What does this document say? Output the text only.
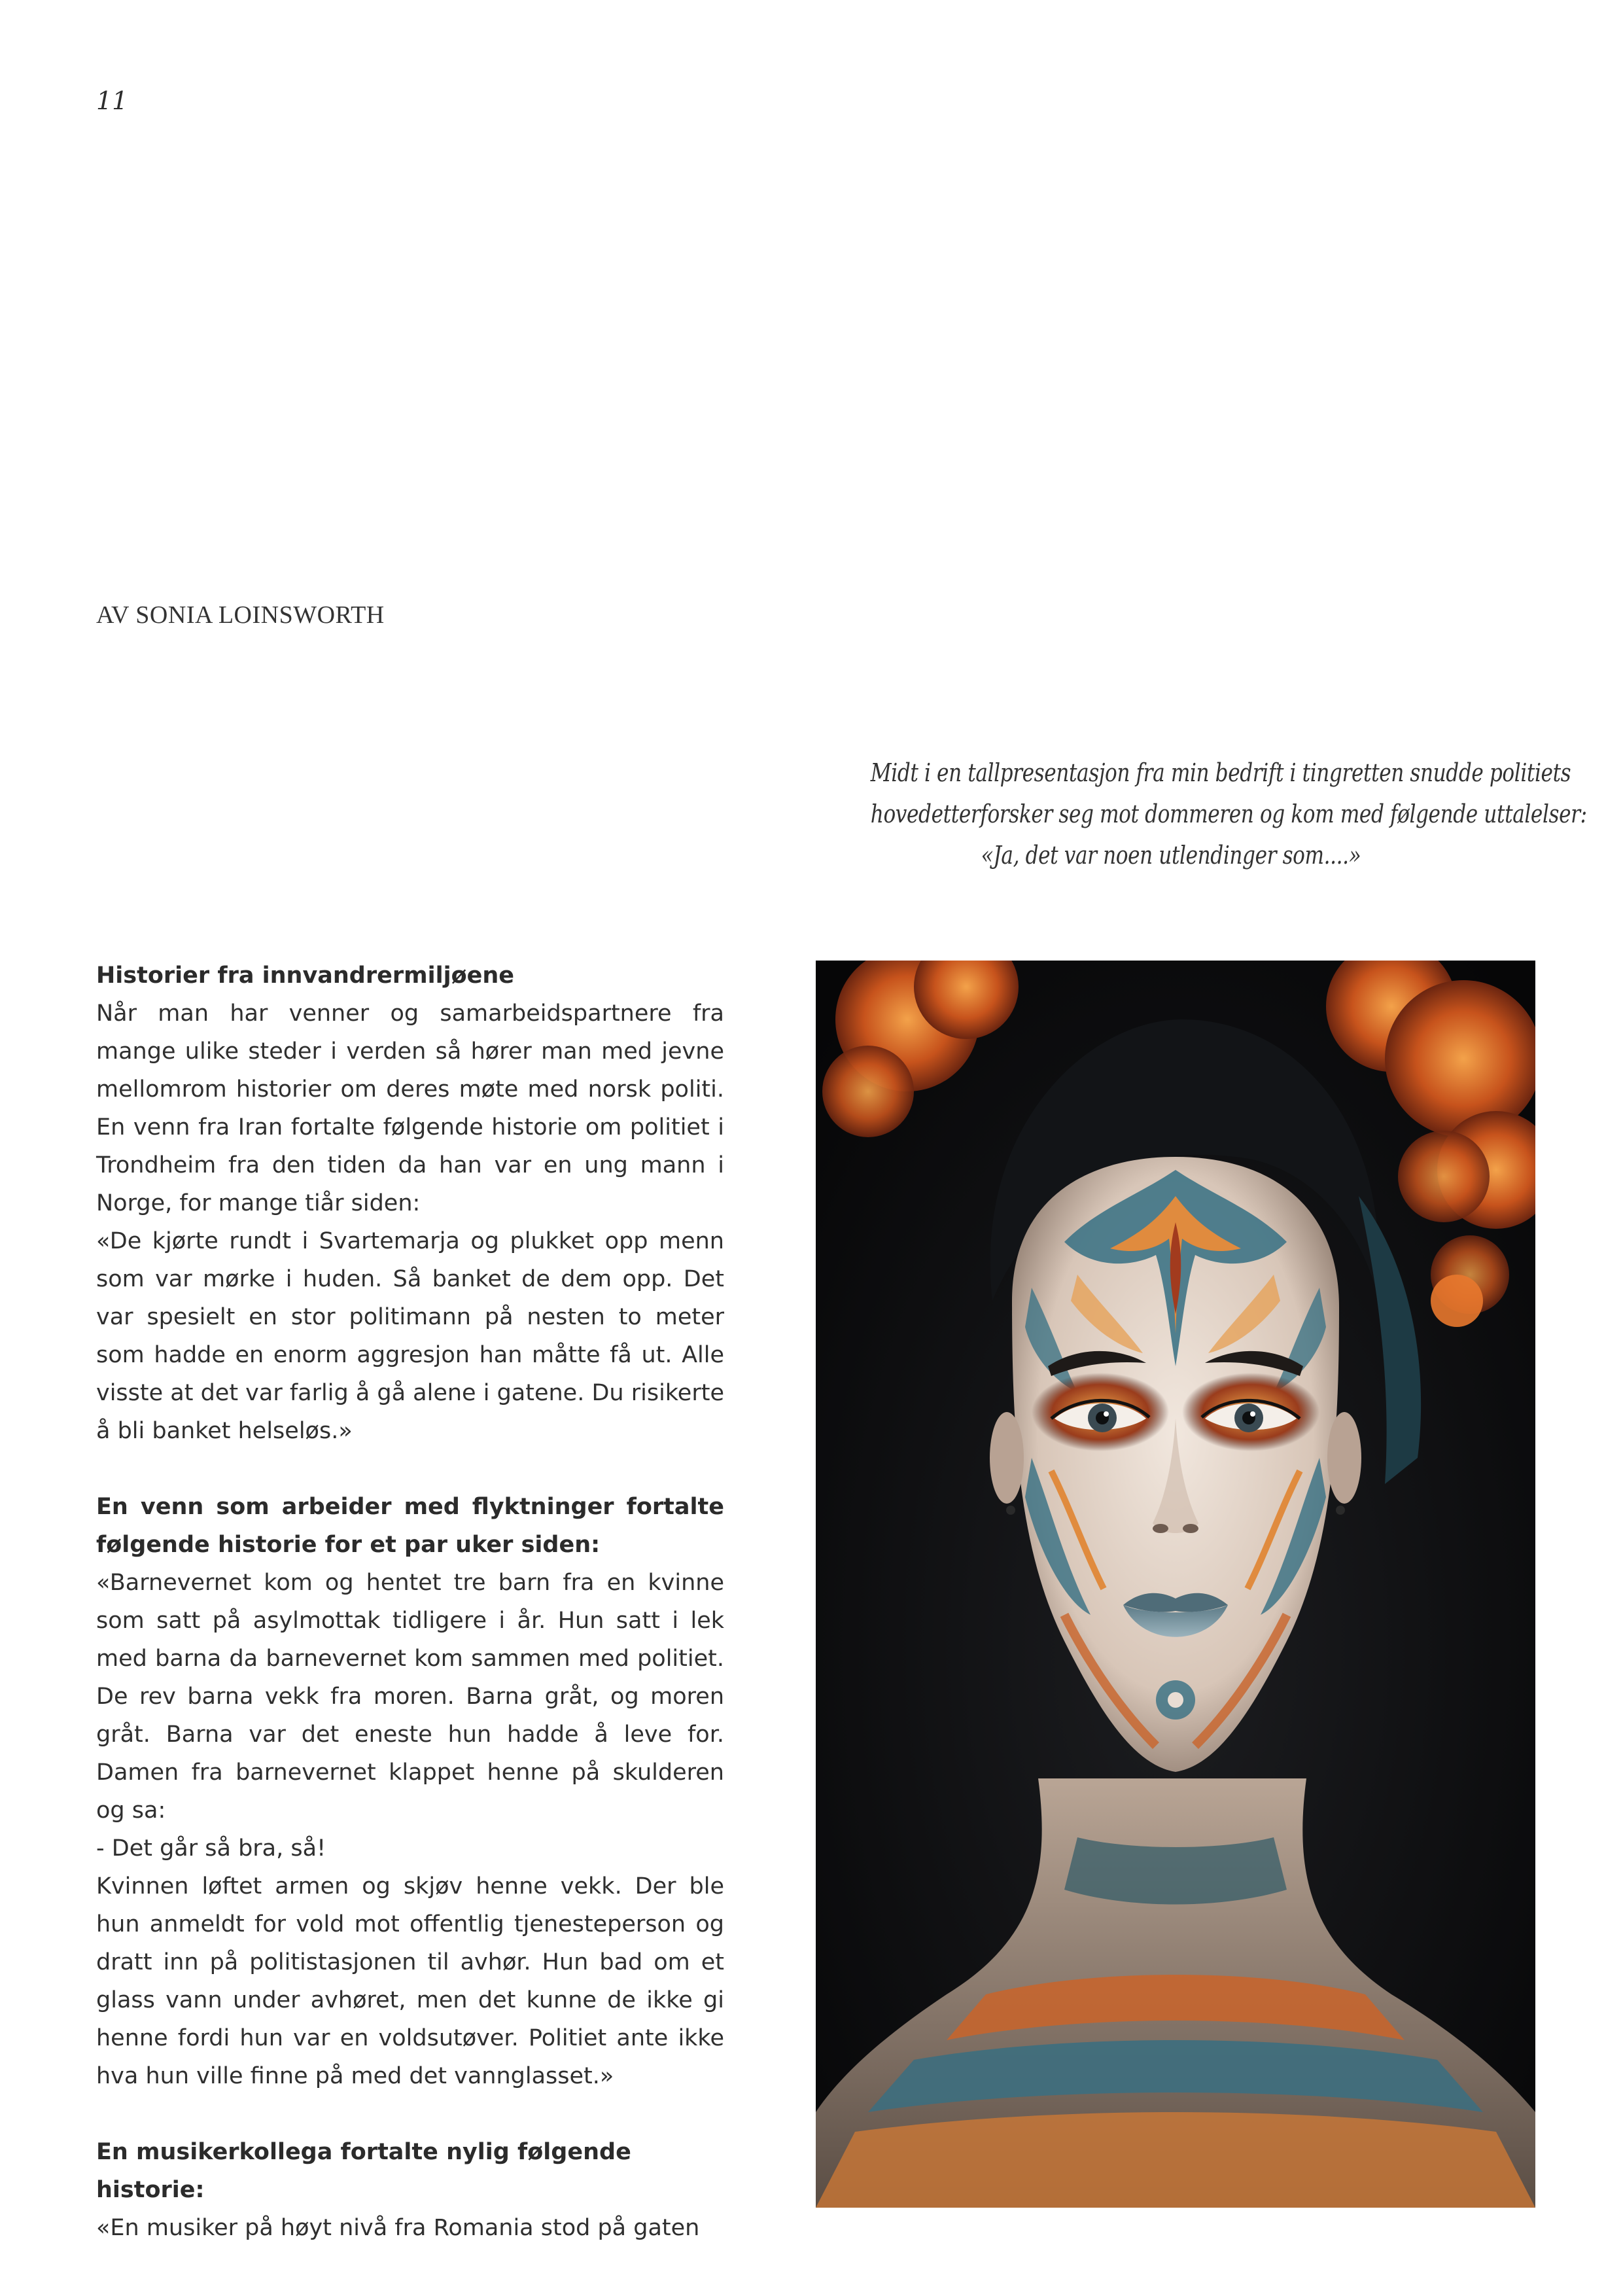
11
AV SONIA LOINSWORTH
Midt i en tallpresentasjon fra min bedrift i tingretten snudde politiets
hovedetterforsker seg mot dommeren og kom med følgende uttalelser:
«Ja, det var noen utlendinger som....»

Historier fra innvandrermiljøene

Når man har venner og samarbeidspartnere fra mange ulike steder i verden så hører man med jevne mellomrom historier om deres møte med norsk politi. En venn fra Iran fortalte følgende historie om politiet i Trondheim fra den tiden da han var en ung mann i Norge, for mange tiår siden:

«De kjørte rundt i Svartemarja og plukket opp menn som var mørke i huden. Så banket de dem opp. Det var spesielt en stor politimann på nesten to meter som hadde en enorm aggresjon han måtte få ut. Alle visste at det var farlig å gå alene i gatene. Du risikerte å bli banket helseløs.»

En venn som arbeider med flyktninger fortalte følgende historie for et par uker siden:

«Barnevernet kom og hentet tre barn fra en kvinne som satt på asylmottak tidligere i år. Hun satt i lek med barna da barnevernet kom sammen med politiet. De rev barna vekk fra moren. Barna gråt, og moren gråt. Barna var det eneste hun hadde å leve for. Damen fra barnevernet klappet henne på skulderen og sa:

- Det går så bra, så!

Kvinnen løftet armen og skjøv henne vekk. Der ble hun anmeldt for vold mot offentlig tjenesteperson og dratt inn på politistasjonen til avhør. Hun bad om et glass vann under avhøret, men det kunne de ikke gi henne fordi hun var en voldsutøver. Politiet ante ikke hva hun ville finne på med det vannglasset.»

En musikerkollega fortalte nylig følgende historie:

«En musiker på høyt nivå fra Romania stod på gaten
